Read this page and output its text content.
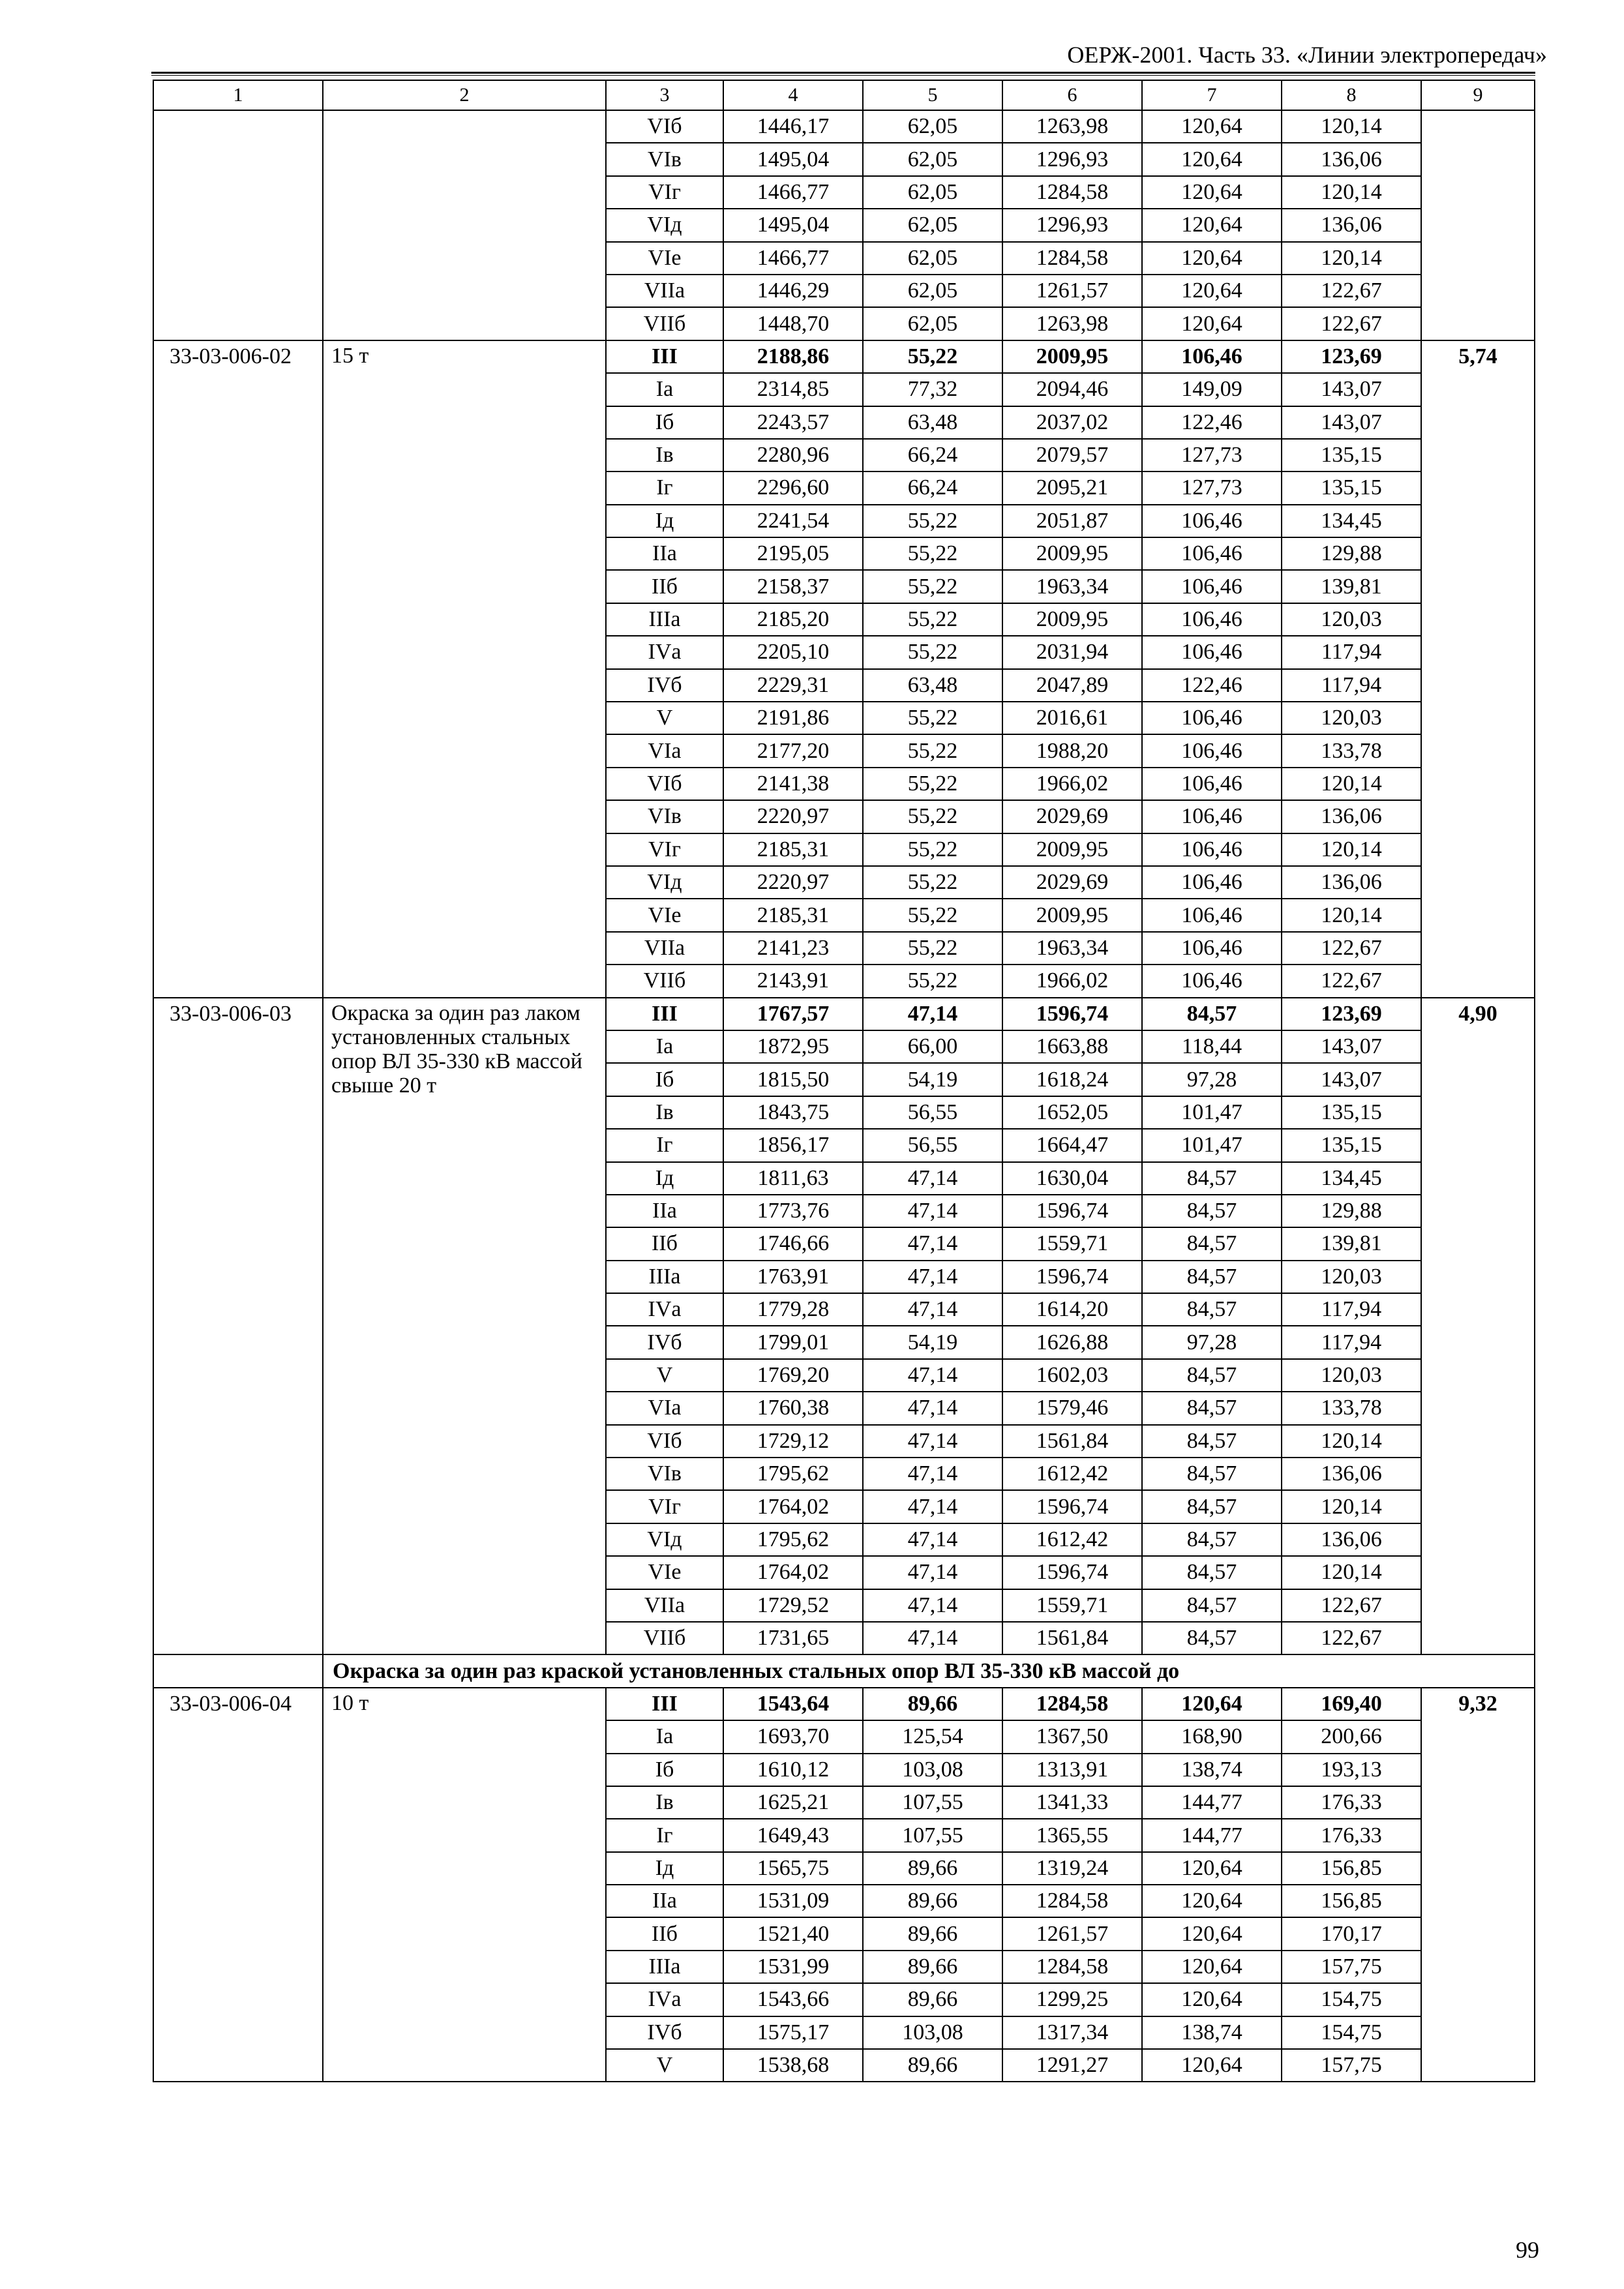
ОЕРЖ-2001. Часть 33. «Линии электропередач»
1	2	3	4	5	6	7	8	9
		VIб	1446,17	62,05	1263,98	120,64	120,14	
		VIв	1495,04	62,05	1296,93	120,64	136,06	
		VIг	1466,77	62,05	1284,58	120,64	120,14	
		VIд	1495,04	62,05	1296,93	120,64	136,06	
		VIе	1466,77	62,05	1284,58	120,64	120,14	
		VIIа	1446,29	62,05	1261,57	120,64	122,67	
		VIIб	1448,70	62,05	1263,98	120,64	122,67	
33-03-006-02	15 т	III	2188,86	55,22	2009,95	106,46	123,69	5,74
		Iа	2314,85	77,32	2094,46	149,09	143,07	
		Iб	2243,57	63,48	2037,02	122,46	143,07	
		Iв	2280,96	66,24	2079,57	127,73	135,15	
		Iг	2296,60	66,24	2095,21	127,73	135,15	
		Iд	2241,54	55,22	2051,87	106,46	134,45	
		IIа	2195,05	55,22	2009,95	106,46	129,88	
		IIб	2158,37	55,22	1963,34	106,46	139,81	
		IIIа	2185,20	55,22	2009,95	106,46	120,03	
		IVа	2205,10	55,22	2031,94	106,46	117,94	
		IVб	2229,31	63,48	2047,89	122,46	117,94	
		V	2191,86	55,22	2016,61	106,46	120,03	
		VIа	2177,20	55,22	1988,20	106,46	133,78	
		VIб	2141,38	55,22	1966,02	106,46	120,14	
		VIв	2220,97	55,22	2029,69	106,46	136,06	
		VIг	2185,31	55,22	2009,95	106,46	120,14	
		VIд	2220,97	55,22	2029,69	106,46	136,06	
		VIе	2185,31	55,22	2009,95	106,46	120,14	
		VIIа	2141,23	55,22	1963,34	106,46	122,67	
		VIIб	2143,91	55,22	1966,02	106,46	122,67	
33-03-006-03	Окраска за один раз лаком установленных стальных опор ВЛ 35-330 кВ массой свыше 20 т	III	1767,57	47,14	1596,74	84,57	123,69	4,90
		Iа	1872,95	66,00	1663,88	118,44	143,07	
		Iб	1815,50	54,19	1618,24	97,28	143,07	
		Iв	1843,75	56,55	1652,05	101,47	135,15	
		Iг	1856,17	56,55	1664,47	101,47	135,15	
		Iд	1811,63	47,14	1630,04	84,57	134,45	
		IIа	1773,76	47,14	1596,74	84,57	129,88	
		IIб	1746,66	47,14	1559,71	84,57	139,81	
		IIIа	1763,91	47,14	1596,74	84,57	120,03	
		IVа	1779,28	47,14	1614,20	84,57	117,94	
		IVб	1799,01	54,19	1626,88	97,28	117,94	
		V	1769,20	47,14	1602,03	84,57	120,03	
		VIа	1760,38	47,14	1579,46	84,57	133,78	
		VIб	1729,12	47,14	1561,84	84,57	120,14	
		VIв	1795,62	47,14	1612,42	84,57	136,06	
		VIг	1764,02	47,14	1596,74	84,57	120,14	
		VIд	1795,62	47,14	1612,42	84,57	136,06	
		VIе	1764,02	47,14	1596,74	84,57	120,14	
		VIIа	1729,52	47,14	1559,71	84,57	122,67	
		VIIб	1731,65	47,14	1561,84	84,57	122,67	
	Окраска за один раз краской установленных стальных опор ВЛ 35-330 кВ массой до							
33-03-006-04	10 т	III	1543,64	89,66	1284,58	120,64	169,40	9,32
		Iа	1693,70	125,54	1367,50	168,90	200,66	
		Iб	1610,12	103,08	1313,91	138,74	193,13	
		Iв	1625,21	107,55	1341,33	144,77	176,33	
		Iг	1649,43	107,55	1365,55	144,77	176,33	
		Iд	1565,75	89,66	1319,24	120,64	156,85	
		IIа	1531,09	89,66	1284,58	120,64	156,85	
		IIб	1521,40	89,66	1261,57	120,64	170,17	
		IIIа	1531,99	89,66	1284,58	120,64	157,75	
		IVа	1543,66	89,66	1299,25	120,64	154,75	
		IVб	1575,17	103,08	1317,34	138,74	154,75	
		V	1538,68	89,66	1291,27	120,64	157,75	
99
